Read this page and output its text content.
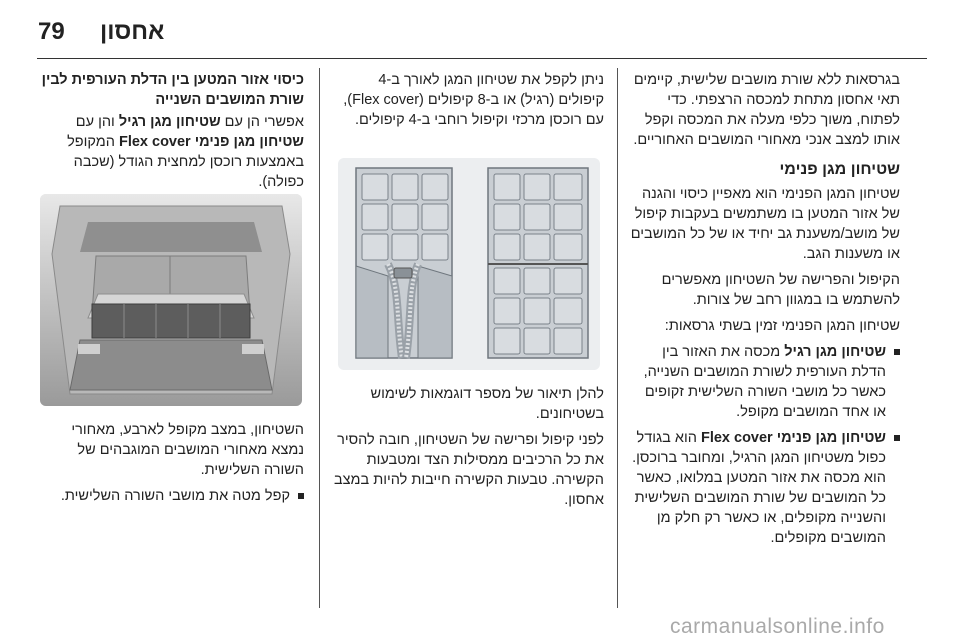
79 אחסון

בגרסאות ללא שורת מושבים שלישית, קיימים תאי אחסון מתחת למכסה הרצפתי. כדי לפתוח, משוך כלפי מעלה את המכסה וקפל אותו למצב אנכי מאחורי המושבים האחוריים.

שטיחון מגן פנימי

שטיחון המגן הפנימי הוא מאפיין כיסוי והגנה של אזור המטען בו משתמשים בעקבות קיפול של מושב/משענת גב יחיד או של כל המושבים או משענות הגב.

הקיפול והפרישה של השטיחון מאפשרים להשתמש בו במגוון רחב של צורות.

שטיחון המגן הפנימי זמין בשתי גרסאות:

שטיחון מגן רגיל מכסה את האזור בין הדלת העורפית לשורת המושבים השנייה, כאשר כל מושבי השורה השלישית זקופים או אחד המושבים מקופל.
שטיחון מגן פנימי Flex cover הוא בגודל כפול משטיחון המגן הרגיל, ומחובר ברוכסן. הוא מכסה את אזור המטען במלואו, כאשר כל המושבים של שורת המושבים השלישית והשנייה מקופלים, או כאשר רק חלק מן המושבים מקופלים.

ניתן לקפל את שטיחון המגן לאורך ב-4 קיפולים (רגיל) או ב-8 קיפולים (Flex cover), עם רוכסן מרכזי וקיפול רוחבי ב-4 קיפולים.

להלן תיאור של מספר דוגמאות לשימוש בשטיחונים.

לפני קיפול ופרישה של השטיחון, חובה להסיר את כל הרכיבים ממסילות הצד ומטבעות הקשירה. טבעות הקשירה חייבות להיות במצב אחסון.

כיסוי אזור המטען בין הדלת העורפית לבין שורת המושבים השנייה

אפשרי הן עם שטיחון מגן רגיל והן עם שטיחון מגן פנימי Flex cover המקופל באמצעות רוכסן למחצית הגודל (שכבה כפולה).

השטיחון, במצב מקופל לארבע, מאחורי נמצא מאחורי המושבים המוגבהים של השורה השלישית.

קפל מטה את מושבי השורה השלישית.
carmanualsonline.info
